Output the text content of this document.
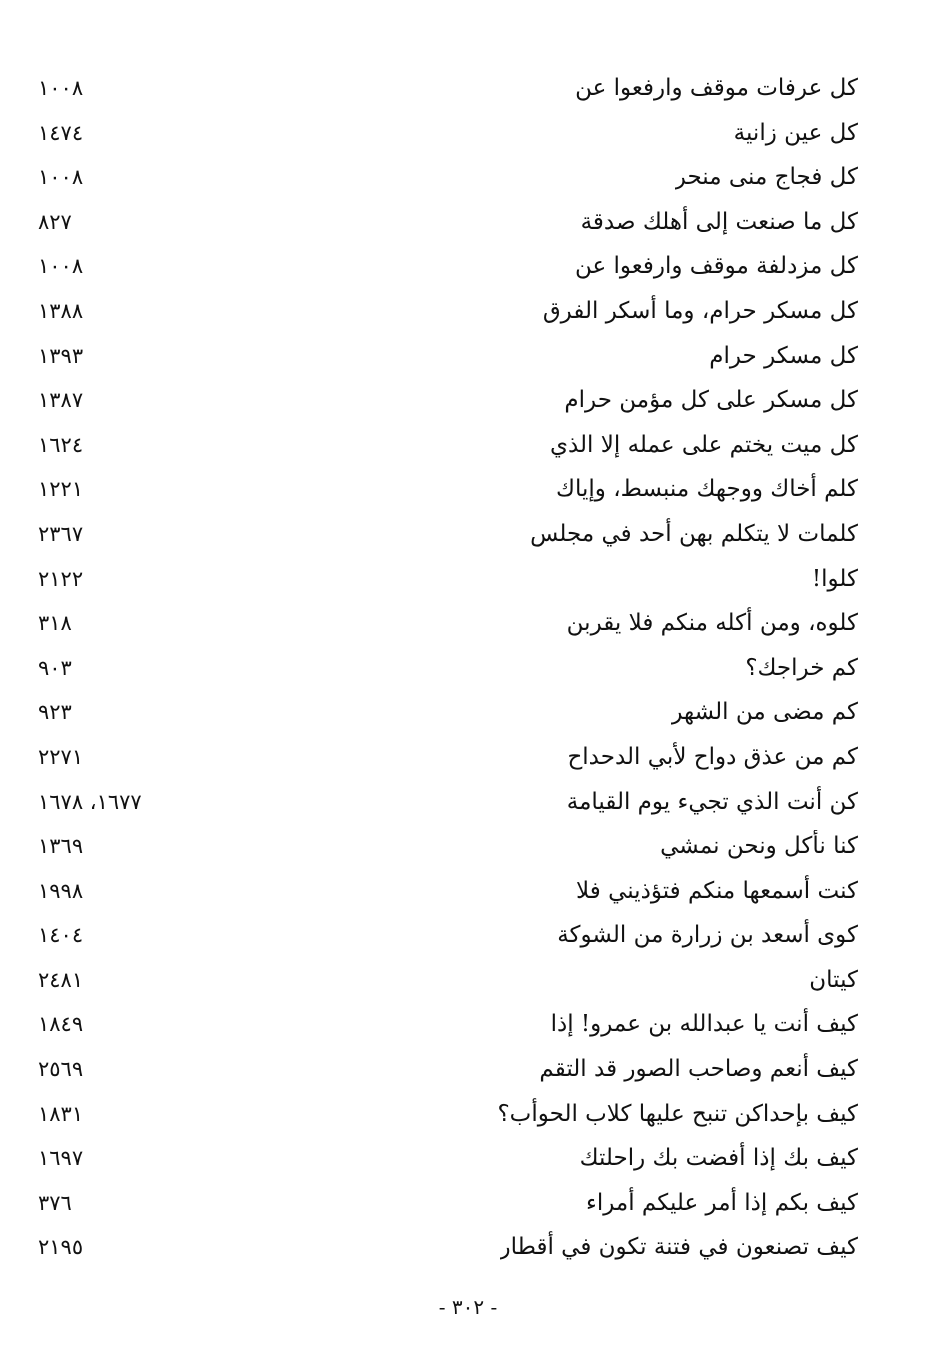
كل عرفات موقف وارفعوا عن
١٠٠٨
كل عين زانية
١٤٧٤
كل فجاج منى منحر
١٠٠٨
كل ما صنعت إلى أهلك صدقة
٨٢٧
كل مزدلفة موقف وارفعوا عن
١٠٠٨
كل مسكر حرام، وما أسكر الفرق
١٣٨٨
كل مسكر حرام
١٣٩٣
كل مسكر على كل مؤمن حرام
١٣٨٧
كل ميت يختم على عمله إلا الذي
١٦٢٤
كلم أخاك ووجهك منبسط، وإياك
١٢٢١
كلمات لا يتكلم بهن أحد في مجلس
٢٣٦٧
كلوا!
٢١٢٢
كلوه، ومن أكله منكم فلا يقربن
٣١٨
كم خراجك؟
٩٠٣
كم مضى من الشهر
٩٢٣
كم من عذق دواح لأبي الدحداح
٢٢٧١
كن أنت الذي تجيء يوم القيامة
١٦٧٧، ١٦٧٨
كنا نأكل ونحن نمشي
١٣٦٩
كنت أسمعها منكم فتؤذيني فلا
١٩٩٨
كوى أسعد بن زرارة من الشوكة
١٤٠٤
كيتان
٢٤٨١
كيف أنت يا عبدالله بن عمرو! إذا
١٨٤٩
كيف أنعم وصاحب الصور قد التقم
٢٥٦٩
كيف بإحداكن تنبح عليها كلاب الحوأب؟
١٨٣١
كيف بك إذا أفضت بك راحلتك
١٦٩٧
كيف بكم إذا أمر عليكم أمراء
٣٧٦
كيف تصنعون في فتنة تكون في أقطار
٢١٩٥
- ٣٠٢ -
